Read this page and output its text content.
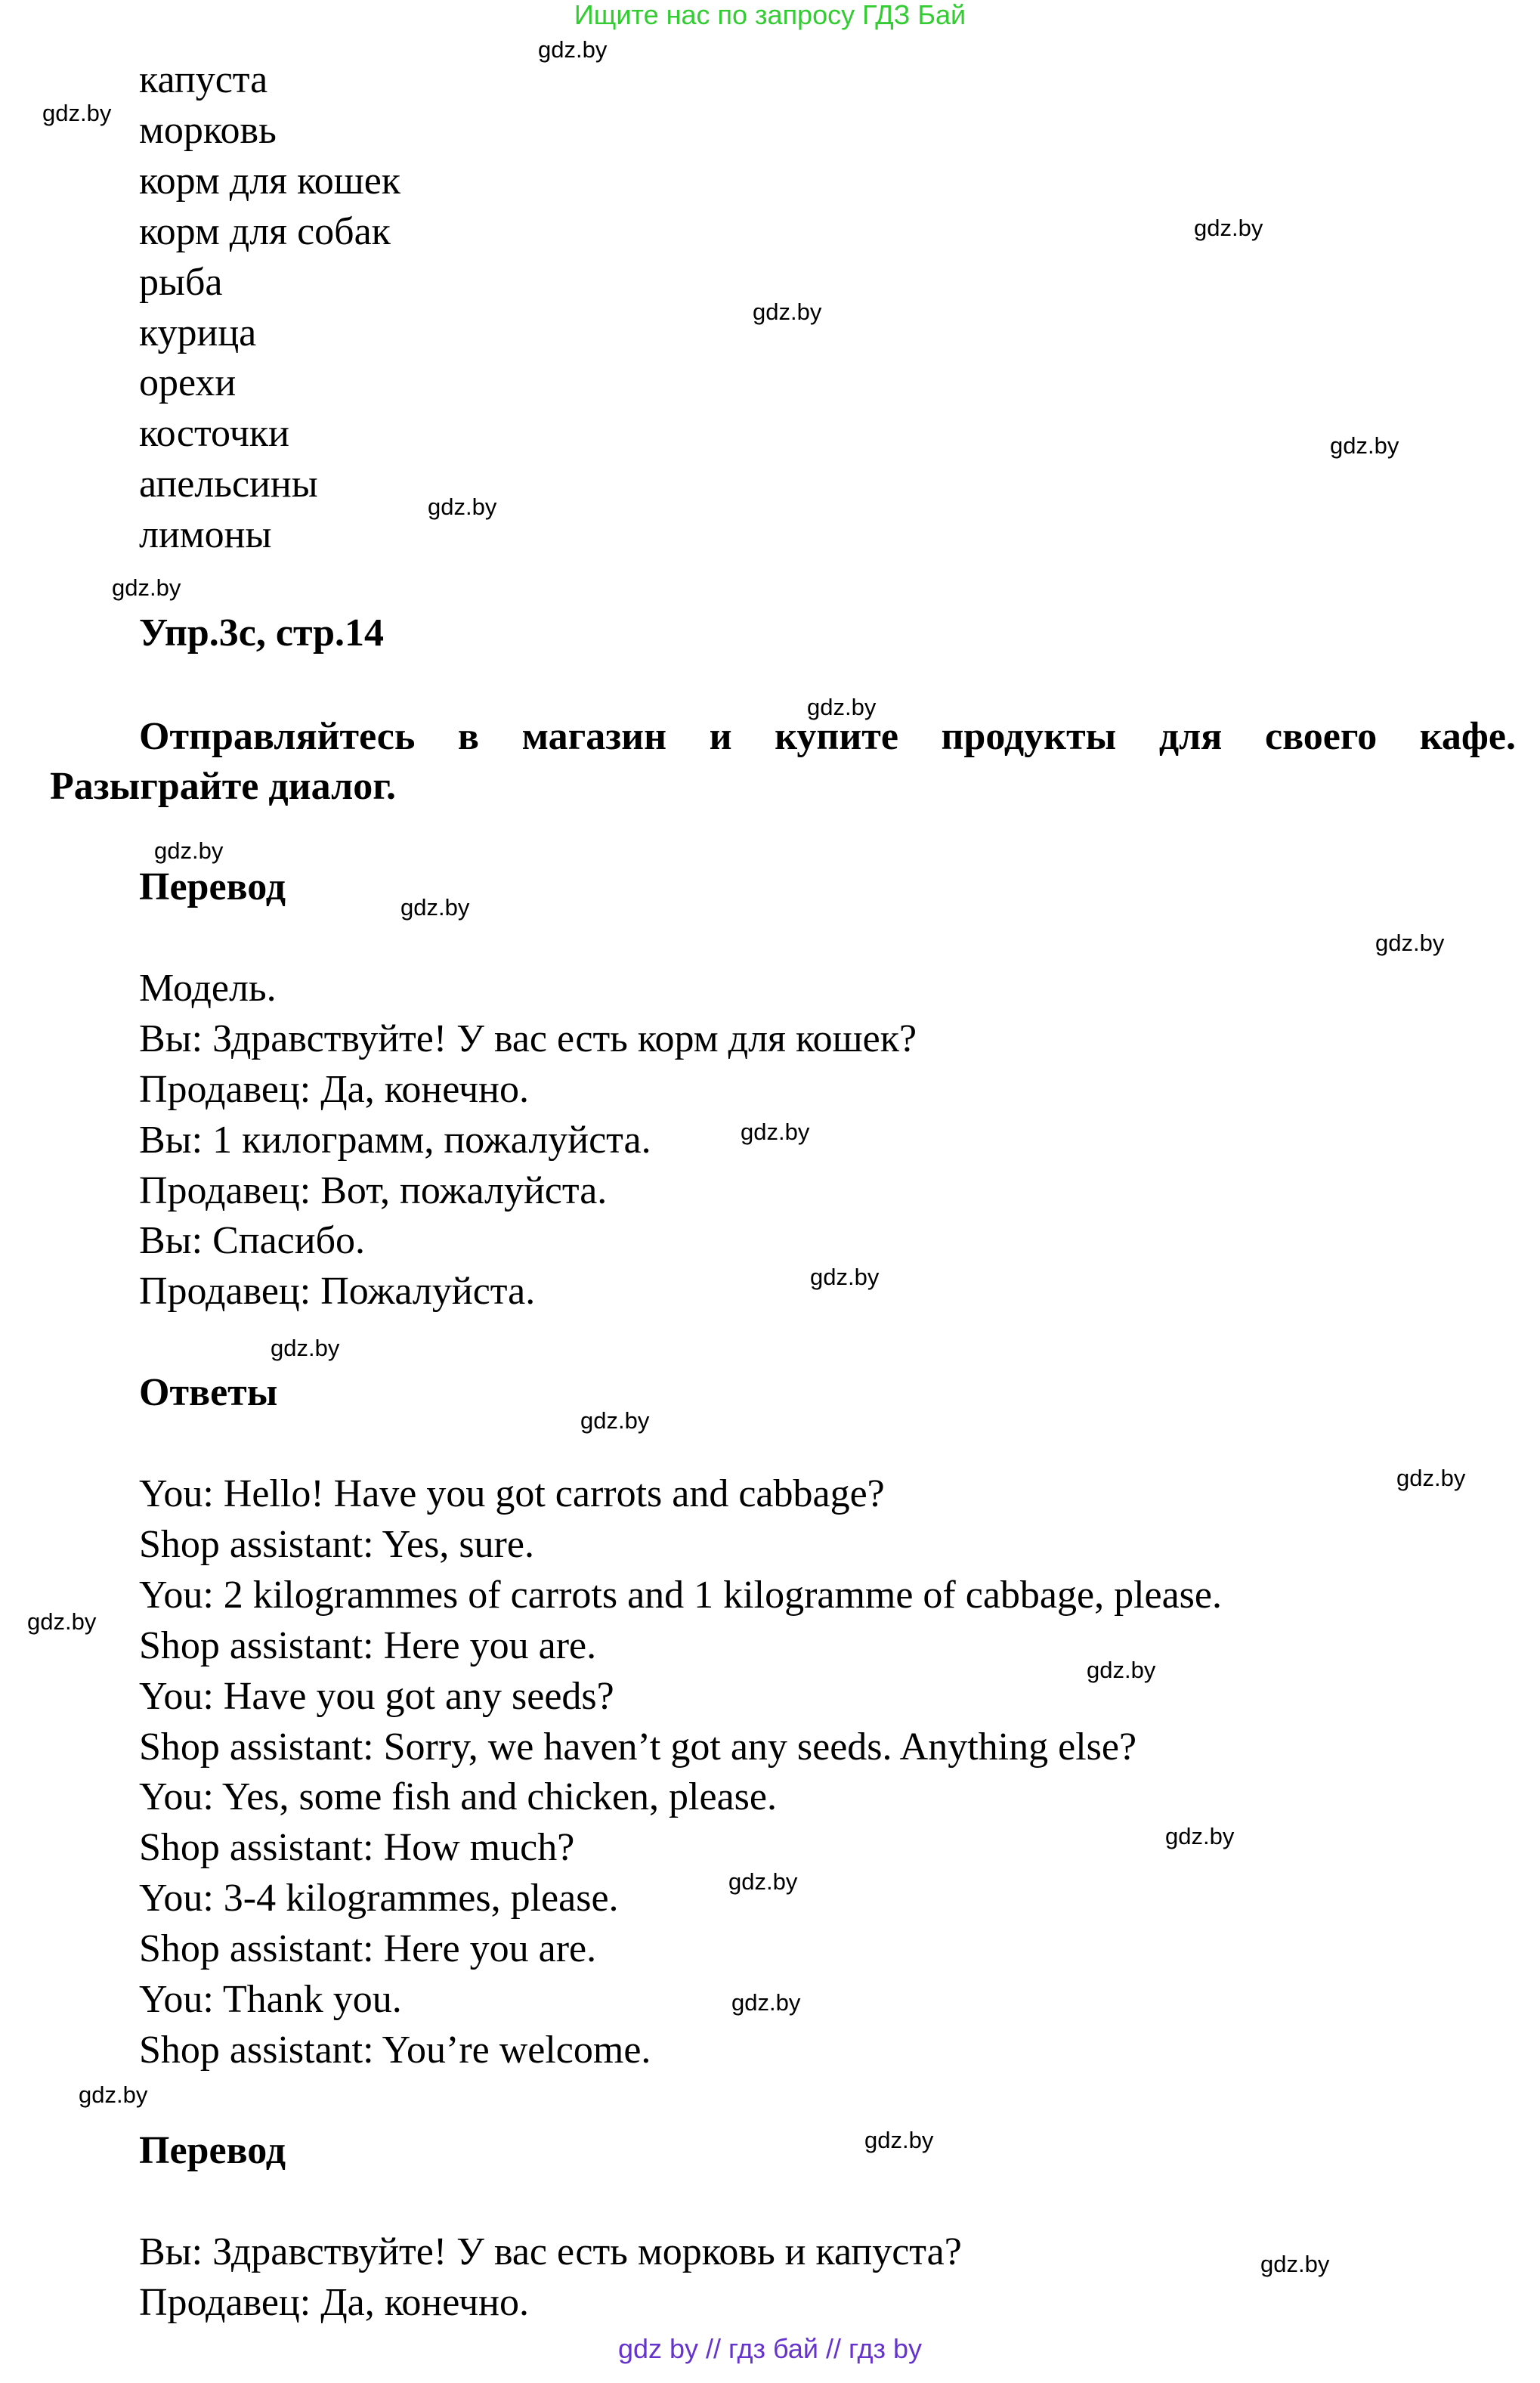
Ищите нас по запросу ГДЗ Бай
капуста
морковь
корм для кошек
корм для собак
рыба
курица
орехи
косточки
апельсины
лимоны
Упр.3с, стр.14
Отправляйтесь в магазин и купите продукты для своего кафе.
Разыграйте диалог.
Перевод
Модель.
Вы: Здравствуйте! У вас есть корм для кошек?
Продавец: Да, конечно.
Вы: 1 килограмм, пожалуйста.
Продавец: Вот, пожалуйста.
Вы: Спасибо.
Продавец: Пожалуйста.
Ответы
You: Hello! Have you got carrots and cabbage?
Shop assistant: Yes, sure.
You: 2 kilogrammes of carrots and 1 kilogramme of cabbage, please.
Shop assistant: Here you are.
You: Have you got any seeds?
Shop assistant: Sorry, we haven’t got any seeds. Anything else?
You: Yes, some fish and chicken, please.
Shop assistant: How much?
You: 3-4 kilogrammes, please.
Shop assistant: Here you are.
You: Thank you.
Shop assistant: You’re welcome.
Перевод
Вы: Здравствуйте! У вас есть морковь и капуста?
Продавец: Да, конечно.
gdz.by
gdz.by
gdz.by
gdz.by
gdz.by
gdz.by
gdz.by
gdz.by
gdz.by
gdz.by
gdz.by
gdz.by
gdz.by
gdz.by
gdz.by
gdz.by
gdz.by
gdz.by
gdz.by
gdz.by
gdz.by
gdz.by
gdz.by
gdz.by
gdz by // гдз бай // гдз by
